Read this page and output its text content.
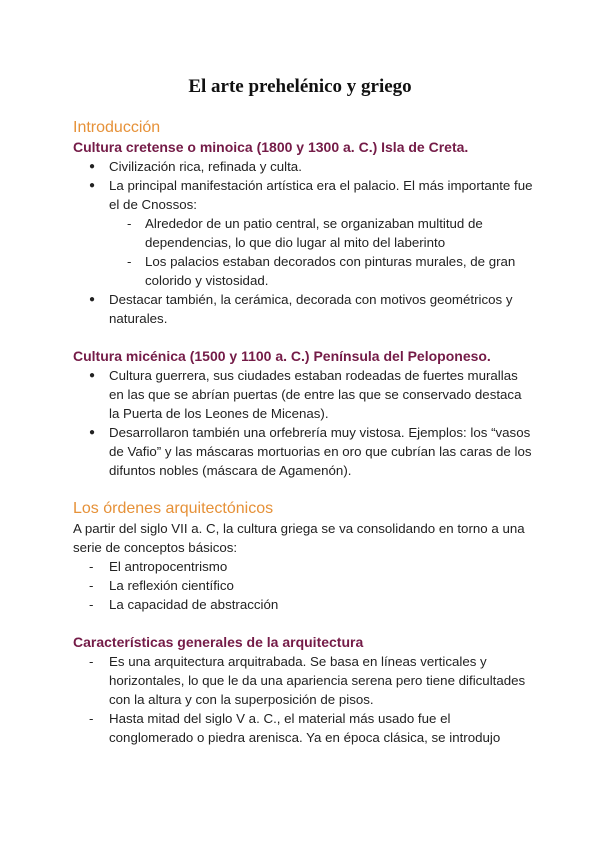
El arte prehelénico y griego
Introducción
Cultura cretense o minoica (1800 y 1300 a. C.) Isla de Creta.
● Civilización rica, refinada y culta.
● La principal manifestación artística era el palacio. El más importante fue el de Cnossos:
- Alrededor de un patio central, se organizaban multitud de dependencias, lo que dio lugar al mito del laberinto
- Los palacios estaban decorados con pinturas murales, de gran colorido y vistosidad.
● Destacar también, la cerámica, decorada con motivos geométricos y naturales.
Cultura micénica (1500 y 1100 a. C.) Península del Peloponeso.
● Cultura guerrera, sus ciudades estaban rodeadas de fuertes murallas en las que se abrían puertas (de entre las que se conservado destaca la Puerta de los Leones de Micenas).
● Desarrollaron también una orfebrería muy vistosa. Ejemplos: los “vasos de Vafio” y las máscaras mortuorias en oro que cubrían las caras de los difuntos nobles (máscara de Agamenón).
Los órdenes arquitectónicos

A partir del siglo VII a. C, la cultura griega se va consolidando en torno a una serie de conceptos básicos:

- El antropocentrismo
- La reflexión científico
- La capacidad de abstracción
Características generales de la arquitectura
- Es una arquitectura arquitrabada. Se basa en líneas verticales y horizontales, lo que le da una apariencia serena pero tiene dificultades con la altura y con la superposición de pisos.
- Hasta mitad del siglo V a. C., el material más usado fue el conglomerado o piedra arenisca. Ya en época clásica, se introdujo
